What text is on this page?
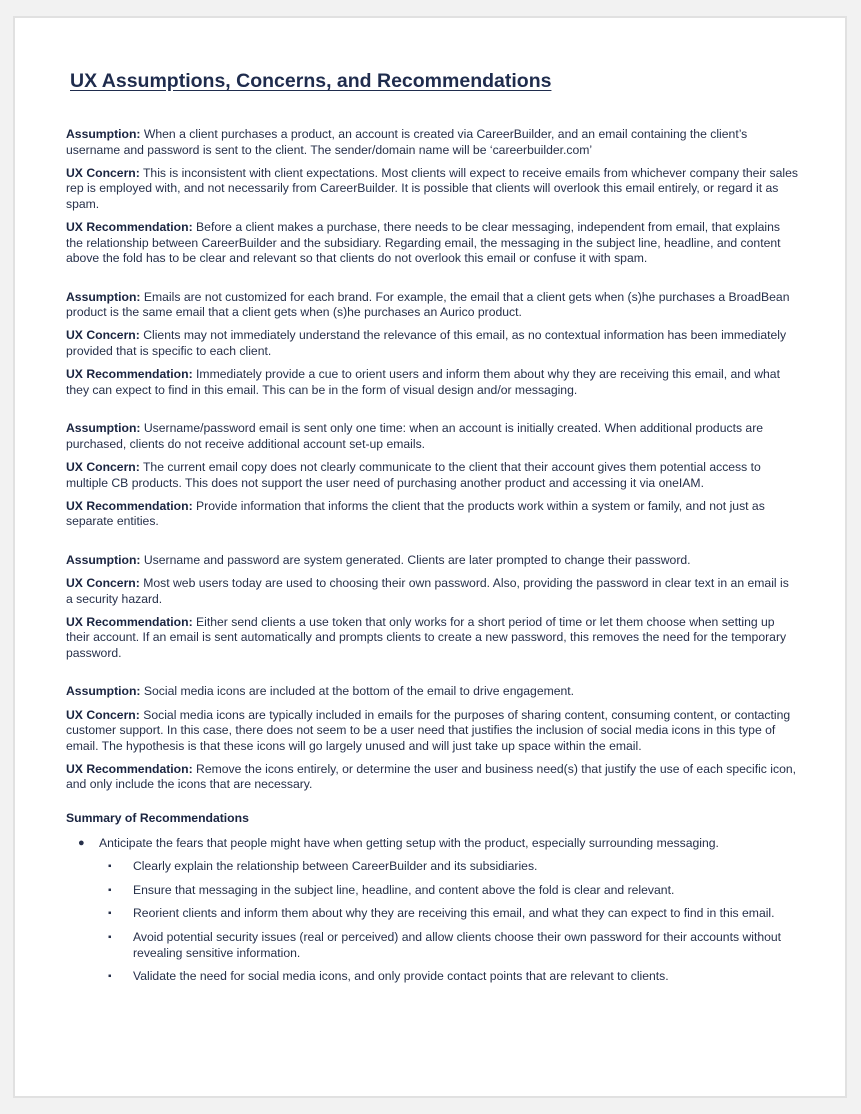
UX Assumptions, Concerns, and Recommendations

Assumption: When a client purchases a product, an account is created via CareerBuilder, and an email containing the client’s username and password is sent to the client. The sender/domain name will be ‘careerbuilder.com’

UX Concern: This is inconsistent with client expectations. Most clients will expect to receive emails from whichever company their sales rep is employed with, and not necessarily from CareerBuilder. It is possible that clients will overlook this email entirely, or regard it as spam.

UX Recommendation: Before a client makes a purchase, there needs to be clear messaging, independent from email, that explains the relationship between CareerBuilder and the subsidiary. Regarding email, the messaging in the subject line, headline, and content above the fold has to be clear and relevant so that clients do not overlook this email or confuse it with spam.

Assumption: Emails are not customized for each brand. For example, the email that a client gets when (s)he purchases a BroadBean product is the same email that a client gets when (s)he purchases an Aurico product.

UX Concern: Clients may not immediately understand the relevance of this email, as no contextual information has been immediately provided that is specific to each client.

UX Recommendation: Immediately provide a cue to orient users and inform them about why they are receiving this email, and what they can expect to find in this email. This can be in the form of visual design and/or messaging.

Assumption: Username/password email is sent only one time: when an account is initially created. When additional products are purchased, clients do not receive additional account set-up emails.

UX Concern: The current email copy does not clearly communicate to the client that their account gives them potential access to multiple CB products. This does not support the user need of purchasing another product and accessing it via oneIAM.

UX Recommendation: Provide information that informs the client that the products work within a system or family, and not just as separate entities.

Assumption: Username and password are system generated. Clients are later prompted to change their password.

UX Concern: Most web users today are used to choosing their own password. Also, providing the password in clear text in an email is a security hazard.

UX Recommendation: Either send clients a use token that only works for a short period of time or let them choose when setting up their account. If an email is sent automatically and prompts clients to create a new password, this removes the need for the temporary password.

Assumption: Social media icons are included at the bottom of the email to drive engagement.

UX Concern: Social media icons are typically included in emails for the purposes of sharing content, consuming content, or contacting customer support. In this case, there does not seem to be a user need that justifies the inclusion of social media icons in this type of email. The hypothesis is that these icons will go largely unused and will just take up space within the email.

UX Recommendation: Remove the icons entirely, or determine the user and business need(s) that justify the use of each specific icon, and only include the icons that are necessary.

Summary of Recommendations
● Anticipate the fears that people might have when getting setup with the product, especially surrounding messaging.
▪ Clearly explain the relationship between CareerBuilder and its subsidiaries.
▪ Ensure that messaging in the subject line, headline, and content above the fold is clear and relevant.
▪ Reorient clients and inform them about why they are receiving this email, and what they can expect to find in this email.
▪ Avoid potential security issues (real or perceived) and allow clients choose their own password for their accounts without revealing sensitive information.
▪ Validate the need for social media icons, and only provide contact points that are relevant to clients.
